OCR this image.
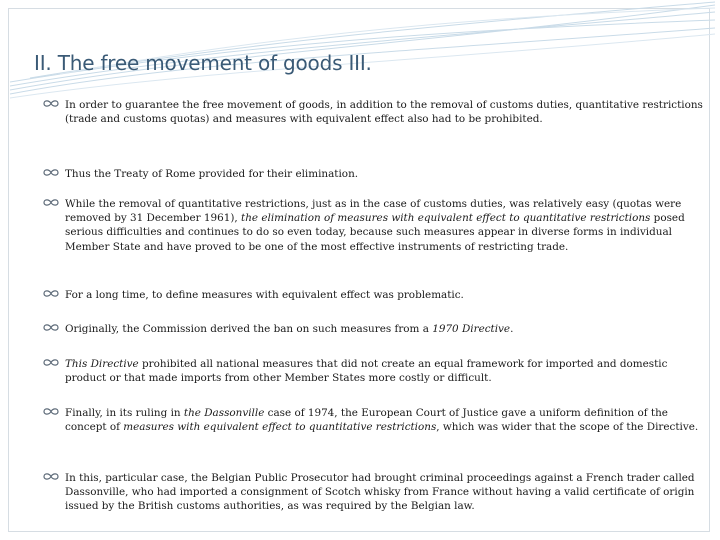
II. The free movement of goods III.
In order to guarantee the free movement of goods, in addition to the removal of customs duties, quantitative restrictions (trade and customs quotas) and measures with equivalent effect also had to be prohibited.
Thus the Treaty of Rome provided for their elimination.
While the removal of quantitative restrictions, just as in the case of customs duties, was relatively easy (quotas were removed by 31 December 1961), the elimination of measures with equivalent effect to quantitative restrictions posed serious difficulties and continues to do so even today, because such measures appear in diverse forms in individual Member State and have proved to be one of the most effective instruments of restricting trade.
For a long time, to define measures with equivalent effect was problematic.
Originally, the Commission derived the ban on such measures from a 1970 Directive.
This Directive prohibited all national measures that did not create an equal framework for imported and domestic product or that made imports from other Member States more costly or difficult.
Finally, in its ruling in the Dassonville case of 1974, the European Court of Justice gave a uniform definition of the concept of measures with equivalent effect to quantitative restrictions, which was wider that the scope of the Directive.
In this, particular case, the Belgian Public Prosecutor had brought criminal proceedings against a French trader called Dassonville, who had imported a consignment of Scotch whisky from France without having a valid certificate of origin issued by the British customs authorities, as was required by the Belgian law.
